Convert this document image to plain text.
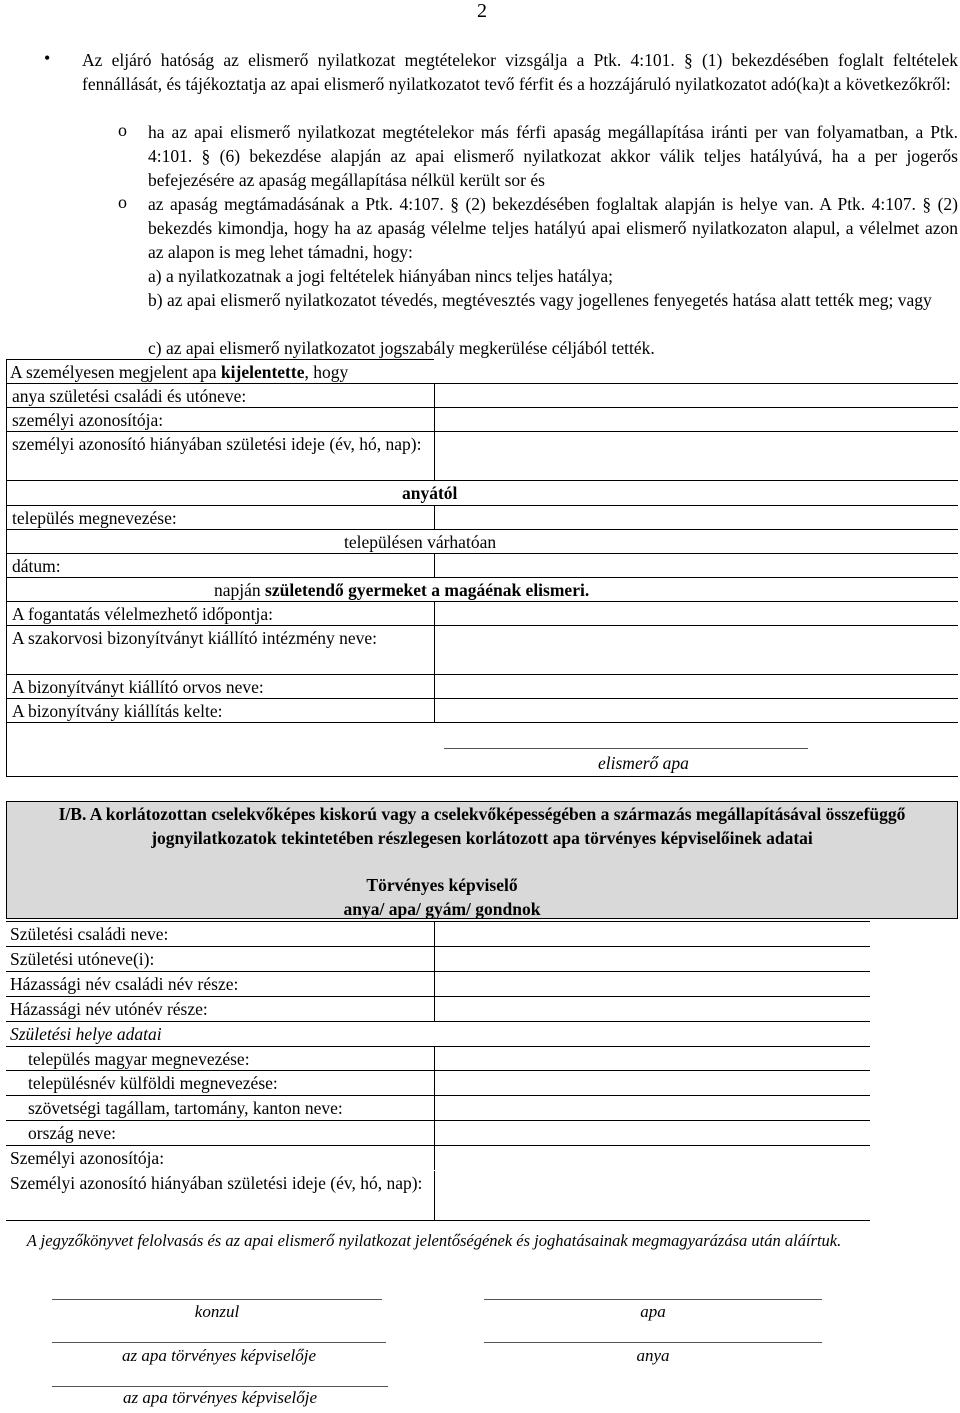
2
• Az eljáró hatóság az elismerő nyilatkozat megtételekor vizsgálja a Ptk. 4:101. § (1) bekezdésében foglalt feltételek fennállását, és tájékoztatja az apai elismerő nyilatkozatot tevő férfit és a hozzájáruló nyilatkozatot adó(ka)t a következőkről:

o ha az apai elismerő nyilatkozat megtételekor más férfi apaság megállapítása iránti per van folyamatban, a Ptk. 4:101. § (6) bekezdése alapján az apai elismerő nyilatkozat akkor válik teljes hatályúvá, ha a per jogerős befejezésére az apaság megállapítása nélkül került sor és
o az apaság megtámadásának a Ptk. 4:107. § (2) bekezdésében foglaltak alapján is helye van. A Ptk. 4:107. § (2) bekezdés kimondja, hogy ha az apaság vélelme teljes hatályú apai elismerő nyilatkozaton alapul, a vélelmet azon az alapon is meg lehet támadni, hogy:
a) a nyilatkozatnak a jogi feltételek hiányában nincs teljes hatálya;
b) az apai elismerő nyilatkozatot tévedés, megtévesztés vagy jogellenes fenyegetés hatása alatt tették meg; vagy
c) az apai elismerő nyilatkozatot jogszabály megkerülése céljából tették.
A személyesen megjelent apa kijelentette, hogy
anya születési családi és utóneve:
személyi azonosítója:
személyi azonosító hiányában születési ideje (év, hó, nap):
anyától
település megnevezése:
településen várhatóan
dátum:
napján születendő gyermeket a magáénak elismeri.
A fogantatás vélelmezhető időpontja:
A szakorvosi bizonyítványt kiállító intézmény neve:
A bizonyítványt kiállító orvos neve:
A bizonyítvány kiállítás kelte:
elismerő apa
I/B. A korlátozottan cselekvőképes kiskorú vagy a cselekvőképességében a származás megállapításával összefüggő jognyilatkozatok tekintetében részlegesen korlátozott apa törvényes képviselőinek adatai
Törvényes képviselő
anya/ apa/ gyám/ gondnok
Születési családi neve:
Születési utóneve(i):
Házassági név családi név része:
Házassági név utónév része:
Születési helye adatai
település magyar megnevezése:
településnév külföldi megnevezése:
szövetségi tagállam, tartomány, kanton neve:
ország neve:
Személyi azonosítója:
Személyi azonosító hiányában születési ideje (év, hó, nap):
A jegyzőkönyvet felolvasás és az apai elismerő nyilatkozat jelentőségének és joghatásainak megmagyarázása után aláírtuk.
konzul	apa
az apa törvényes képviselője	anya
az apa törvényes képviselője
